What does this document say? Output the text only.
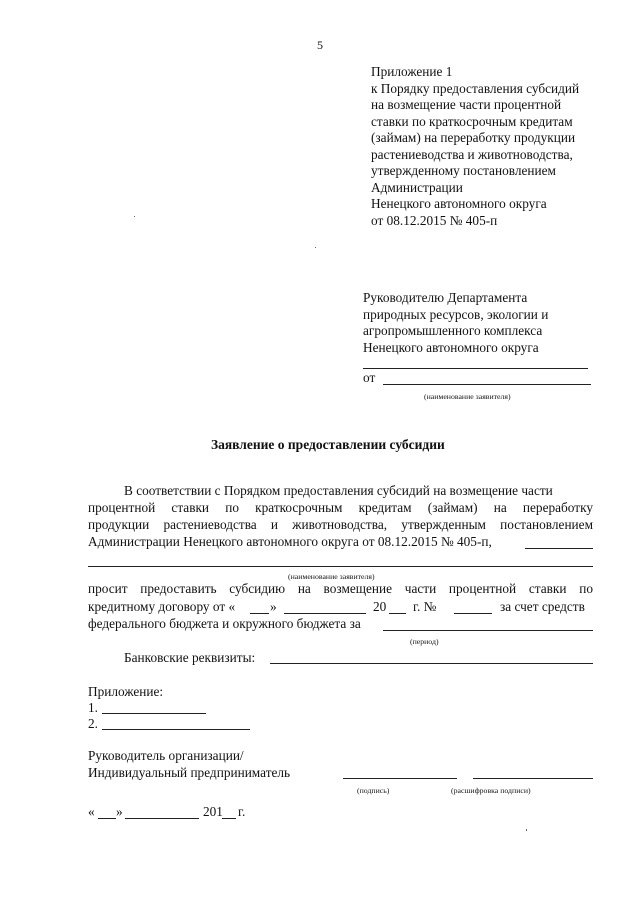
5
Приложение 1
к Порядку предоставления субсидий
на возмещение части процентной
ставки по краткосрочным кредитам
(займам) на переработку продукции
растениеводства и животноводства,
утвержденному постановлением
Администрации
Ненецкого автономного округа
от 08.12.2015 № 405-п
Руководителю Департамента
природных ресурсов, экологии и
агропромышленного комплекса
Ненецкого автономного округа
от
(наименование заявителя)
Заявление о предоставлении субсидии
В соответствии с Порядком предоставления субсидий на возмещение части
процентной ставки по краткосрочным кредитам (займам) на переработку
продукции растениеводства и животноводства, утвержденным постановлением
Администрации Ненецкого автономного округа от 08.12.2015 № 405-п,
(наименование заявителя)
просит предоставить субсидию на возмещение части процентной ставки по
кредитному договору от «	»	20 г. №	за счет средств
федерального бюджета и окружного бюджета за
(период)
Банковские реквизиты:
Приложение:
1.
2.
Руководитель организации/
Индивидуальный предприниматель
(подпись)	(расшифровка подписи)
« »	201 г.
